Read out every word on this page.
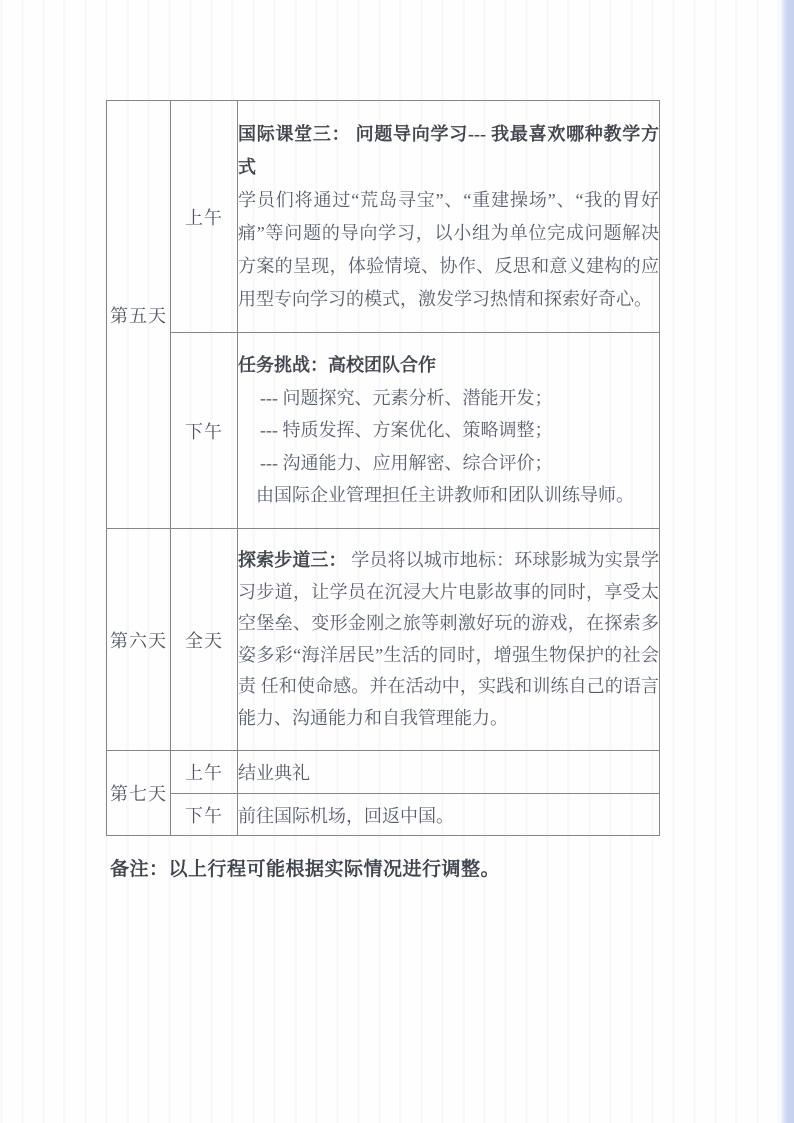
第五天	上午	国际课堂三： 问题导向学习--- 我最喜欢哪种教学方式

学员们将通过“荒岛寻宝”、“重建操场”、“我的胃好痛”等问题的导向学习，以小组为单位完成问题解决方案的呈现，体验情境、协作、反思和意义建构的应用型专向学习的模式，激发学习热情和探索好奇心。

	下午	任务挑战：高校团队合作

--- 问题探究、元素分析、潜能开发；
--- 特质发挥、方案优化、策略调整；
--- 沟通能力、应用解密、综合评价；

由国际企业管理担任主讲教师和团队训练导师。

第六天	全天	探索步道三： 学员将以城市地标：环球影城为实景学习步道，让学员在沉浸大片电影故事的同时，享受太空堡垒、变形金刚之旅等刺激好玩的游戏，在探索多姿多彩“海洋居民”生活的同时，增强生物保护的社会责 任和使命感。并在活动中，实践和训练自己的语言能力、沟通能力和自我管理能力。

第七天	上午	结业典礼
	下午	前往国际机场，回返中国。
备注：以上行程可能根据实际情况进行调整。
